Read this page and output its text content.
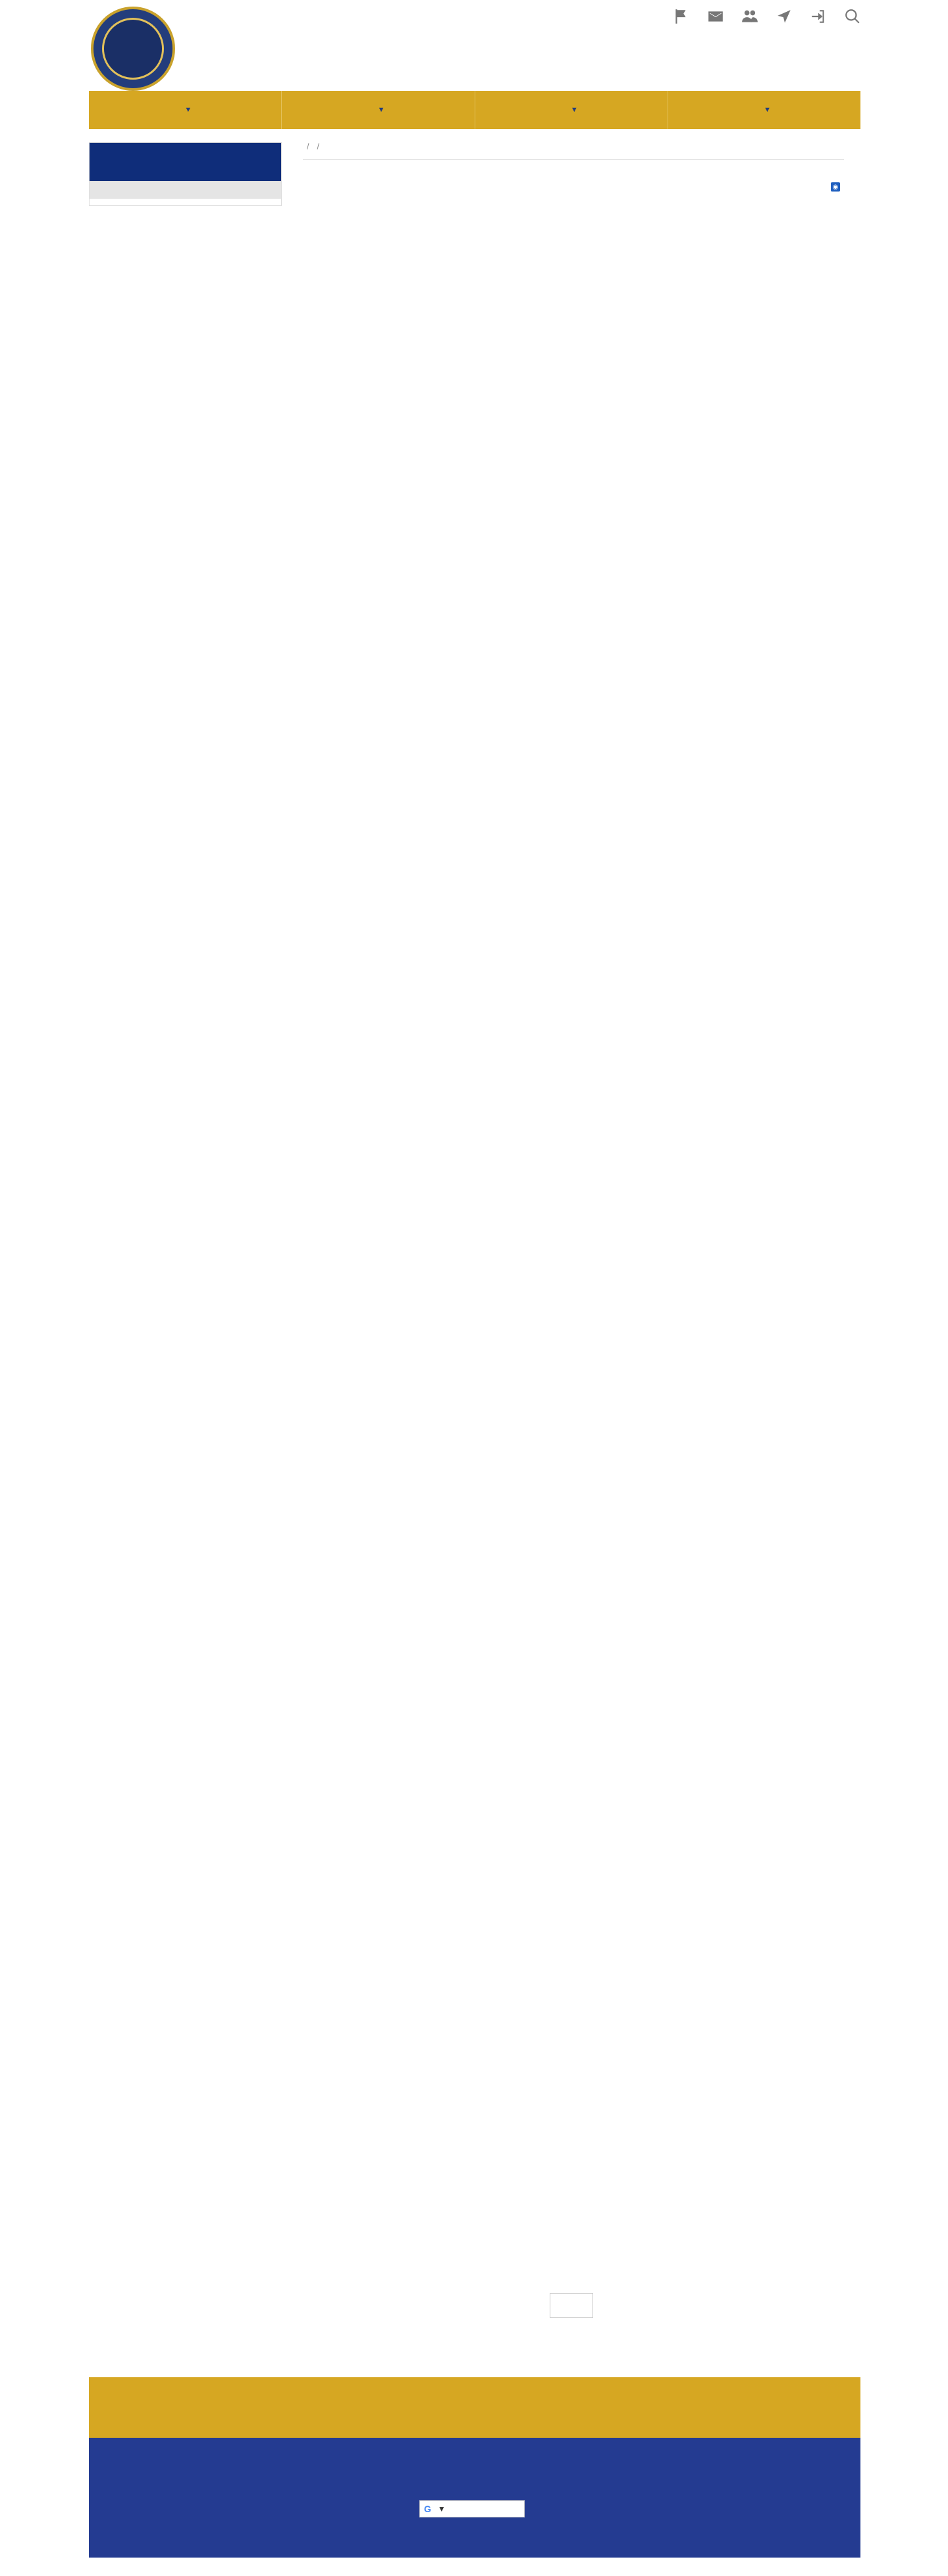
▼	▼	▼	▼
/ /
◉
G ▼
